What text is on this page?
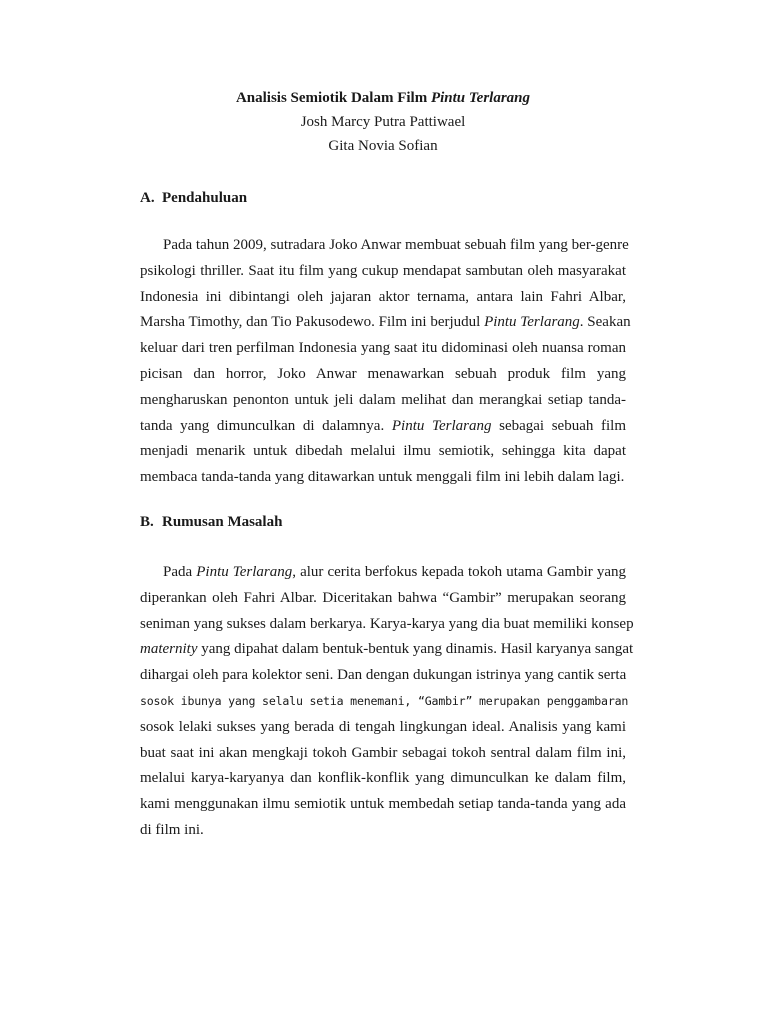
Analisis Semiotik Dalam Film Pintu Terlarang
Josh Marcy Putra Pattiwael
Gita Novia Sofian
A. Pendahuluan
Pada tahun 2009, sutradara Joko Anwar membuat sebuah film yang ber-genre
psikologi thriller. Saat itu film yang cukup mendapat sambutan oleh masyarakat
Indonesia ini dibintangi oleh jajaran aktor ternama, antara lain Fahri Albar,
Marsha Timothy, dan Tio Pakusodewo. Film ini berjudul Pintu Terlarang. Seakan
keluar dari tren perfilman Indonesia yang saat itu didominasi oleh nuansa roman
picisan dan horror, Joko Anwar menawarkan sebuah produk film yang
mengharuskan penonton untuk jeli dalam melihat dan merangkai setiap tanda-
tanda yang dimunculkan di dalamnya. Pintu Terlarang sebagai sebuah film
menjadi menarik untuk dibedah melalui ilmu semiotik, sehingga kita dapat
membaca tanda-tanda yang ditawarkan untuk menggali film ini lebih dalam lagi.
B. Rumusan Masalah
Pada Pintu Terlarang, alur cerita berfokus kepada tokoh utama Gambir yang
diperankan oleh Fahri Albar. Diceritakan bahwa “Gambir” merupakan seorang
seniman yang sukses dalam berkarya. Karya-karya yang dia buat memiliki konsep
maternity yang dipahat dalam bentuk-bentuk yang dinamis. Hasil karyanya sangat
dihargai oleh para kolektor seni. Dan dengan dukungan istrinya yang cantik serta
sosok ibunya yang selalu setia menemani, “Gambir” merupakan penggambaran
sosok lelaki sukses yang berada di tengah lingkungan ideal. Analisis yang kami
buat saat ini akan mengkaji tokoh Gambir sebagai tokoh sentral dalam film ini,
melalui karya-karyanya dan konflik-konflik yang dimunculkan ke dalam film,
kami menggunakan ilmu semiotik untuk membedah setiap tanda-tanda yang ada
di film ini.
